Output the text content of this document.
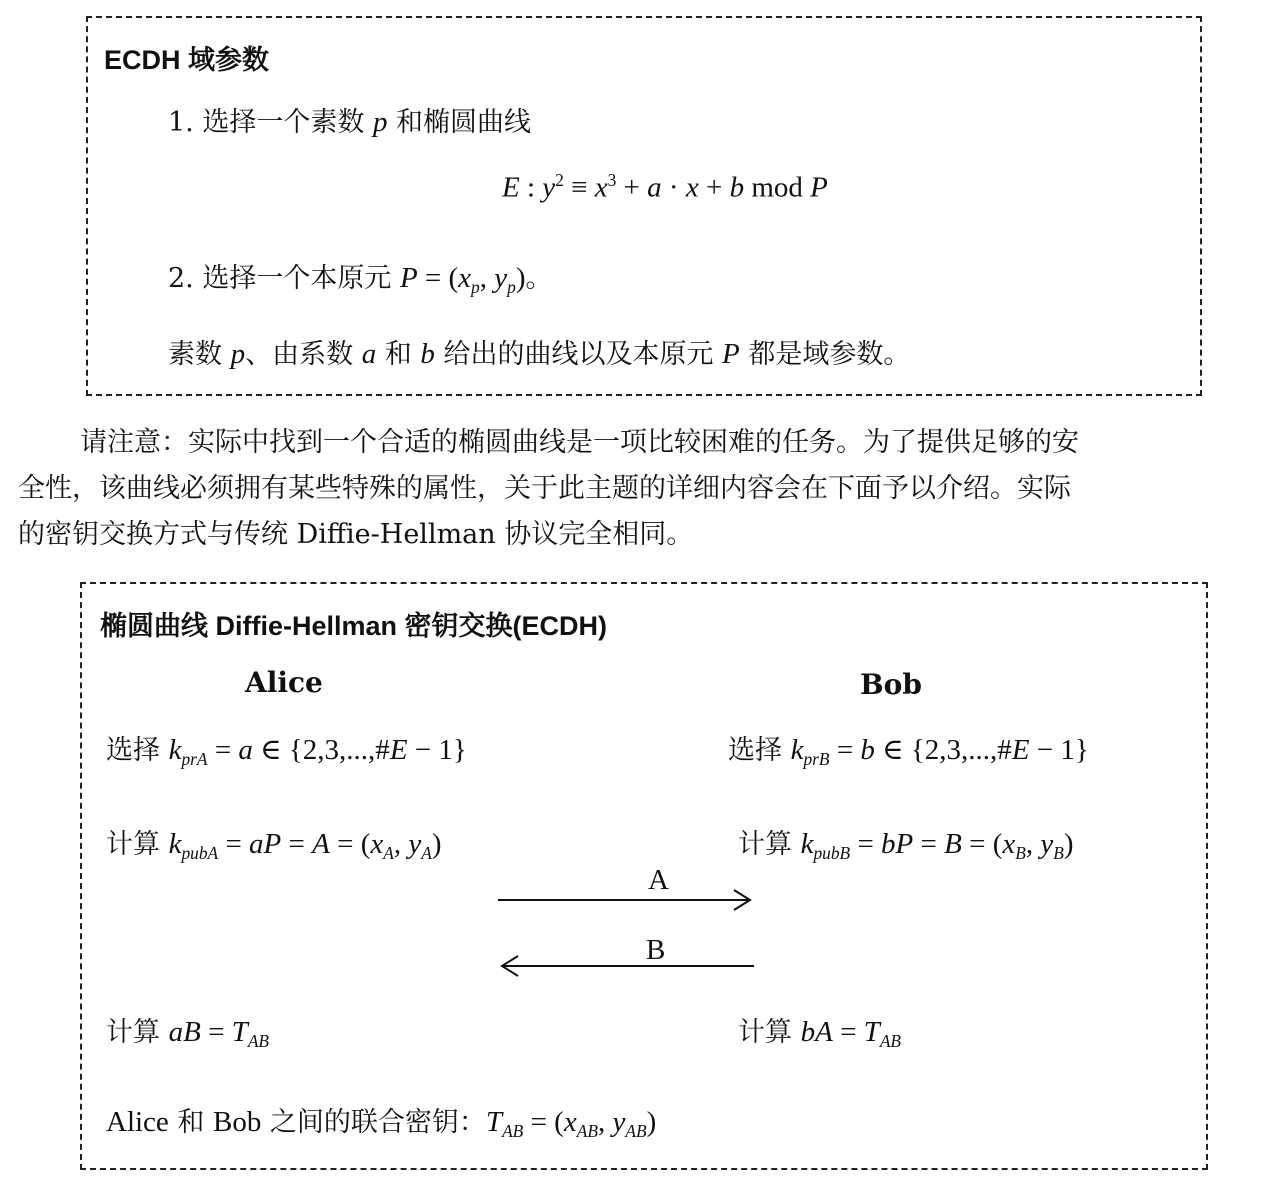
ECDH 域参数
1. 选择一个素数 p 和椭圆曲线
E : $y^2 \equiv x^3 + a \cdot x + b$ mod P
2. 选择一个本原元 $P = (x_p$, $y_p$)。
素数 p、由系数 a 和 b 给出的曲线以及本原元 P 都是域参数。
请注意：实际中找到一个合适的椭圆曲线是一项比较困难的任务。为了提供足够的安
全性，该曲线必须拥有某些特殊的属性，关于此主题的详细内容会在下面予以介绍。实际
的密钥交换方式与传统 Diffie-Hellman 协议完全相同。
椭圆曲线 Diffie-Hellman 密钥交换(ECDH)
Alice	Bob
选择 $k_{prA} = a$ ∈ {2,3,...,#E − 1}	选择 $k_{prB} = b$ ∈ {2,3,...,#E − 1}
计算 $k_{pubA}$ = aP = $A = (x_A$, $y_A$)	计算 $k_{pubB}$ = bP = $B = (x_B$, $y_B$)
A
B
计算 aB = $T_{AB}$	计算 bA = $T_{AB}$
Alice 和 Bob 之间的联合密钥：$T_{AB} = (x_{AB}$, $y_{AB}$)
